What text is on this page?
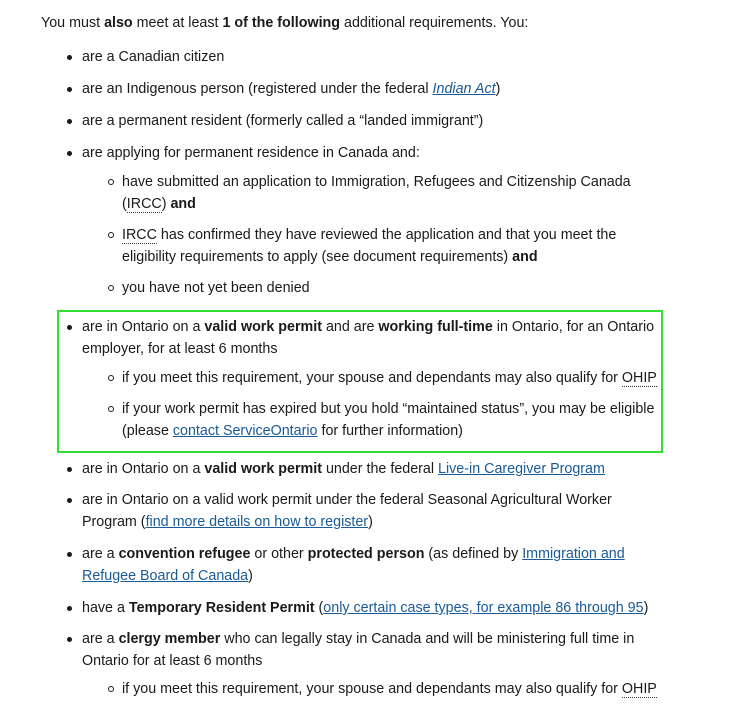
You must also meet at least 1 of the following additional requirements. You:

are a Canadian citizen
are an Indigenous person (registered under the federal Indian Act)
are a permanent resident (formerly called a “landed immigrant”)
are applying for permanent residence in Canada and:
have submitted an application to Immigration, Refugees and Citizenship Canada (IRCC) and
IRCC has confirmed they have reviewed the application and that you meet the eligibility requirements to apply (see document requirements) and
you have not yet been denied
are in Ontario on a valid work permit and are working full-time in Ontario, for an Ontario employer, for at least 6 months
if you meet this requirement, your spouse and dependants may also qualify for OHIP
if your work permit has expired but you hold “maintained status”, you may be eligible (please contact ServiceOntario for further information)
are in Ontario on a valid work permit under the federal Live-in Caregiver Program
are in Ontario on a valid work permit under the federal Seasonal Agricultural Worker Program (find more details on how to register)
are a convention refugee or other protected person (as defined by Immigration and Refugee Board of Canada)
have a Temporary Resident Permit (only certain case types, for example 86 through 95)
are a clergy member who can legally stay in Canada and will be ministering full time in Ontario for at least 6 months
if you meet this requirement, your spouse and dependants may also qualify for OHIP
